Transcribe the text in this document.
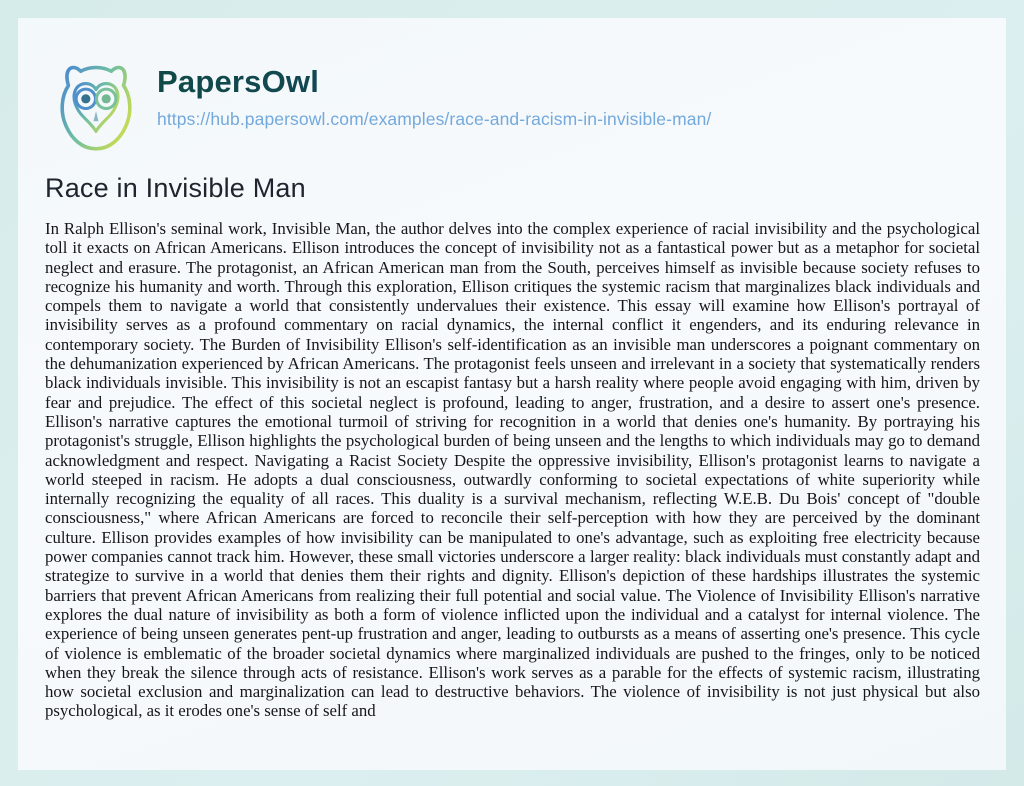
PapersOwl
https://hub.papersowl.com/examples/race-and-racism-in-invisible-man/
Race in Invisible Man

In Ralph Ellison's seminal work, Invisible Man, the author delves into the complex experience of racial invisibility and the psychological toll it exacts on African Americans. Ellison introduces the concept of invisibility not as a fantastical power but as a metaphor for societal neglect and erasure. The protagonist, an African American man from the South, perceives himself as invisible because society refuses to recognize his humanity and worth. Through this exploration, Ellison critiques the systemic racism that marginalizes black individuals and compels them to navigate a world that consistently undervalues their existence. This essay will examine how Ellison's portrayal of invisibility serves as a profound commentary on racial dynamics, the internal conflict it engenders, and its enduring relevance in contemporary society. The Burden of Invisibility Ellison's self-identification as an invisible man underscores a poignant commentary on the dehumanization experienced by African Americans. The protagonist feels unseen and irrelevant in a society that systematically renders black individuals invisible. This invisibility is not an escapist fantasy but a harsh reality where people avoid engaging with him, driven by fear and prejudice. The effect of this societal neglect is profound, leading to anger, frustration, and a desire to assert one's presence. Ellison's narrative captures the emotional turmoil of striving for recognition in a world that denies one's humanity. By portraying his protagonist's struggle, Ellison highlights the psychological burden of being unseen and the lengths to which individuals may go to demand acknowledgment and respect. Navigating a Racist Society Despite the oppressive invisibility, Ellison's protagonist learns to navigate a world steeped in racism. He adopts a dual consciousness, outwardly conforming to societal expectations of white superiority while internally recognizing the equality of all races. This duality is a survival mechanism, reflecting W.E.B. Du Bois' concept of "double consciousness," where African Americans are forced to reconcile their self-perception with how they are perceived by the dominant culture. Ellison provides examples of how invisibility can be manipulated to one's advantage, such as exploiting free electricity because power companies cannot track him. However, these small victories underscore a larger reality: black individuals must constantly adapt and strategize to survive in a world that denies them their rights and dignity. Ellison's depiction of these hardships illustrates the systemic barriers that prevent African Americans from realizing their full potential and social value. The Violence of Invisibility Ellison's narrative explores the dual nature of invisibility as both a form of violence inflicted upon the individual and a catalyst for internal violence. The experience of being unseen generates pent-up frustration and anger, leading to outbursts as a means of asserting one's presence. This cycle of violence is emblematic of the broader societal dynamics where marginalized individuals are pushed to the fringes, only to be noticed when they break the silence through acts of resistance. Ellison's work serves as a parable for the effects of systemic racism, illustrating how societal exclusion and marginalization can lead to destructive behaviors. The violence of invisibility is not just physical but also psychological, as it erodes one's sense of self and
